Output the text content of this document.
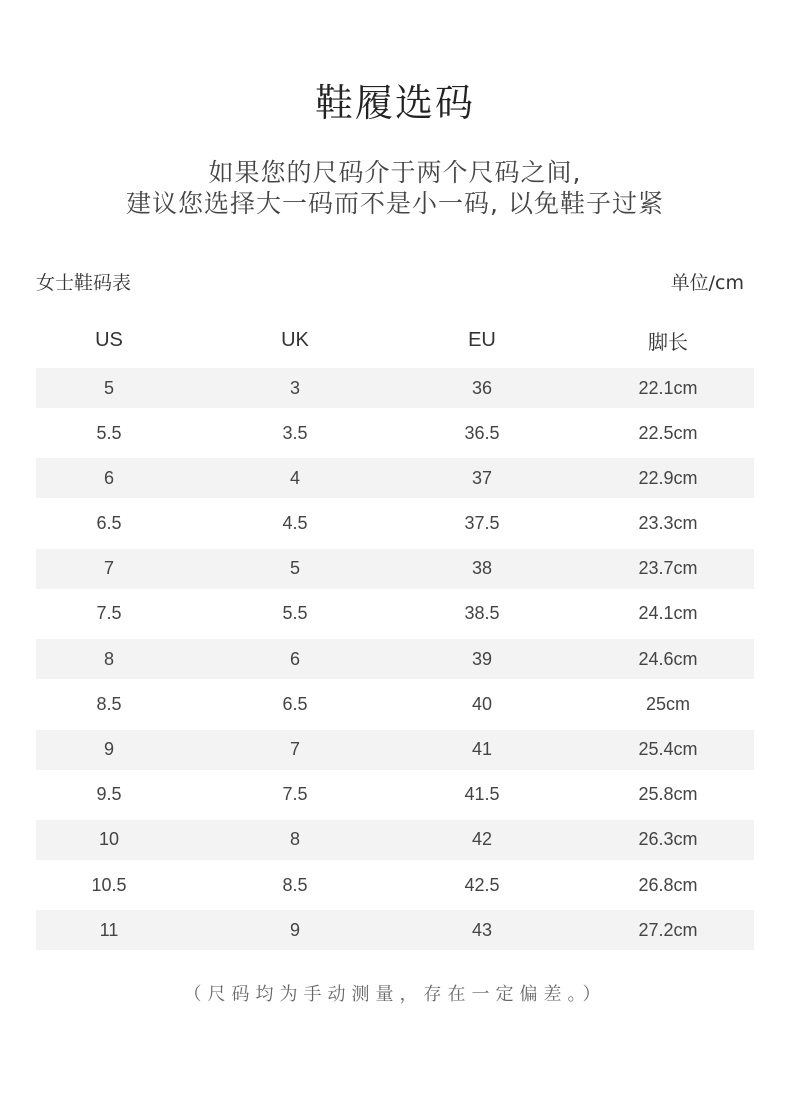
鞋履选码
如果您的尺码介于两个尺码之间,
建议您选择大一码而不是小一码, 以免鞋子过紧
女士鞋码表	单位/cm
US	UK	EU	脚长
5	3	36	22.1cm
5.5	3.5	36.5	22.5cm
6	4	37	22.9cm
6.5	4.5	37.5	23.3cm
7	5	38	23.7cm
7.5	5.5	38.5	24.1cm
8	6	39	24.6cm
8.5	6.5	40	25cm
9	7	41	25.4cm
9.5	7.5	41.5	25.8cm
10	8	42	26.3cm
10.5	8.5	42.5	26.8cm
11	9	43	27.2cm
（尺码均为手动测量，存在一定偏差。）
